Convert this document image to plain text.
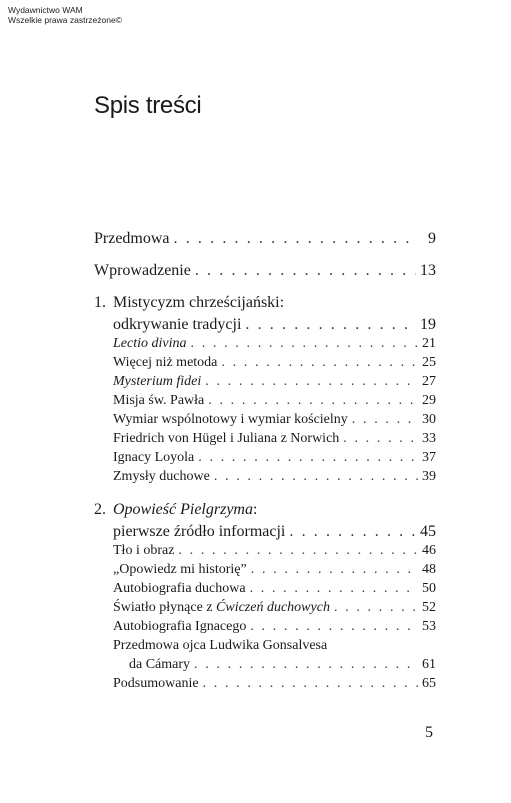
Wydawnictwo WAM
Wszelkie prawa zastrzeżone©
Spis treści
Przedmowa . . .	9
Wprowadzenie . . .	13
1. Mistycyzm chrześcijański:
odkrywanie tradycji . . .	19
Lectio divina . . .	21
Więcej niż metoda . . .	25
Mysterium fidei . . .	27
Misja św. Pawła . . .	29
Wymiar wspólnotowy i wymiar kościelny . . .	30
Friedrich von Hügel i Juliana z Norwich . . .	33
Ignacy Loyola . . .	37
Zmysły duchowe . . .	39
2. Opowieść Pielgrzyma:
pierwsze źródło informacji . . .	45
Tło i obraz . . .	46
„Opowiedz mi historię” . . .	48
Autobiografia duchowa . . .	50
Światło płynące z Ćwiczeń duchowych . . .	52
Autobiografia Ignacego . . .	53
Przedmowa ojca Ludwika Gonsalvesa
da Cámary . . .	61
Podsumowanie . . .	65
5
